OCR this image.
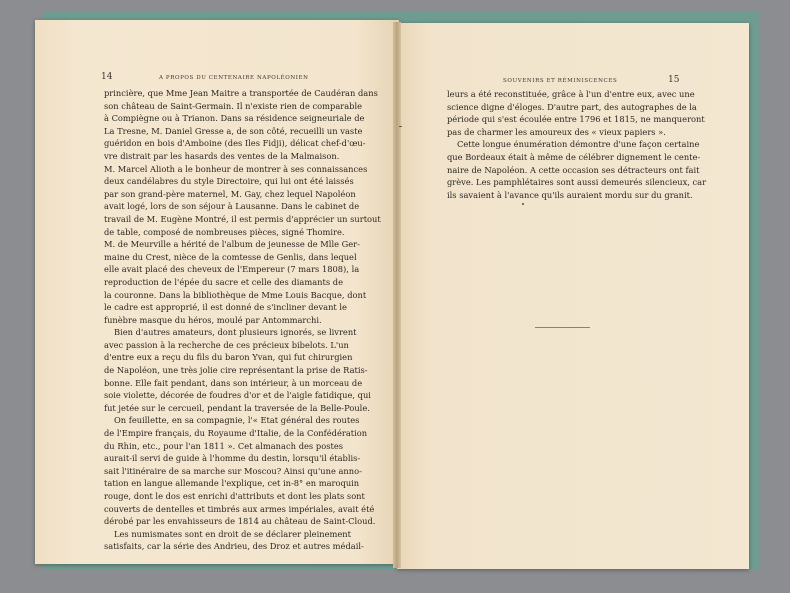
14	A PROPOS DU CENTENAIRE NAPOLÉONIEN
princière, que Mme Jean Maitre a transportée de Caudéran dans
son château de Saint-Germain. Il n'existe rien de comparable
à Compiègne ou à Trianon. Dans sa résidence seigneuriale de
La Tresne, M. Daniel Gresse a, de son côté, recueilli un vaste
guéridon en bois d'Amboine (des Iles Fidji), délicat chef-d'œu-
vre distrait par les hasards des ventes de la Malmaison.
M. Marcel Alioth a le bonheur de montrer à ses connaissances
deux candélabres du style Directoire, qui lui ont été laissés
par son grand-père maternel, M. Gay, chez lequel Napoléon
avait logé, lors de son séjour à Lausanne. Dans le cabinet de
travail de M. Eugène Montré, il est permis d'apprécier un surtout
de table, composé de nombreuses pièces, signé Thomire.
M. de Meurville a hérité de l'album de jeunesse de Mlle Ger-
maine du Crest, nièce de la comtesse de Genlis, dans lequel
elle avait placé des cheveux de l'Empereur (7 mars 1808), la
reproduction de l'épée du sacre et celle des diamants de
la couronne. Dans la bibliothèque de Mme Louis Bacque, dont
le cadre est approprié, il est donné de s'incliner devant le
funèbre masque du héros, moulé par Antommarchi.
Bien d'autres amateurs, dont plusieurs ignorés, se livrent
avec passion à la recherche de ces précieux bibelots. L'un
d'entre eux a reçu du fils du baron Yvan, qui fut chirurgien
de Napoléon, une très jolie cire représentant la prise de Ratis-
bonne. Elle fait pendant, dans son intérieur, à un morceau de
soie violette, décorée de foudres d'or et de l'aigle fatidique, qui
fut jetée sur le cercueil, pendant la traversée de la Belle-Poule.
On feuillette, en sa compagnie, l'« Etat général des routes
de l'Empire français, du Royaume d'Italie, de la Confédération
du Rhin, etc., pour l'an 1811 ». Cet almanach des postes
aurait-il servi de guide à l'homme du destin, lorsqu'il établis-
sait l'itinéraire de sa marche sur Moscou? Ainsi qu'une anno-
tation en langue allemande l'explique, cet in-8° en maroquin
rouge, dont le dos est enrichi d'attributs et dont les plats sont
couverts de dentelles et timbrés aux armes impériales, avait été
dérobé par les envahisseurs de 1814 au château de Saint-Cloud.
Les numismates sont en droit de se déclarer pleinement
satisfaits, car la série des Andrieu, des Droz et autres médail-
SOUVENIRS ET RÉMINISCENCES	15
leurs a été reconstituée, grâce à l'un d'entre eux, avec une
science digne d'éloges. D'autre part, des autographes de la
période qui s'est écoulée entre 1796 et 1815, ne manqueront
pas de charmer les amoureux des « vieux papiers ».
Cette longue énumération démontre d'une façon certaine
que Bordeaux était à même de célébrer dignement le cente-
naire de Napoléon. A cette occasion ses détracteurs ont fait
grève. Les pamphlétaires sont aussi demeurés silencieux, car
ils savaient à l'avance qu'ils auraient mordu sur du granit.
